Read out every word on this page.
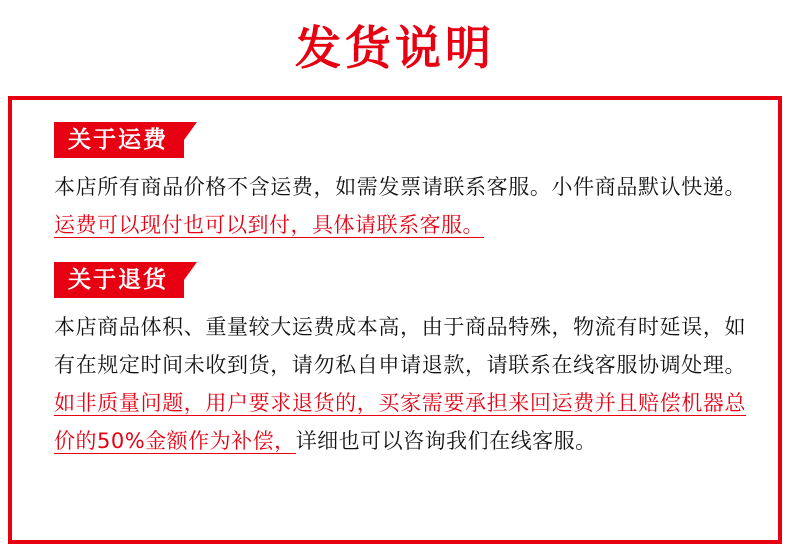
发货说明
关于运费

本店所有商品价格不含运费，如需发票请联系客服。小件商品默认快递。运费可以现付也可以到付，具体请联系客服。

关于退货

本店商品体积、重量较大运费成本高，由于商品特殊，物流有时延误，如有在规定时间未收到货，请勿私自申请退款，请联系在线客服协调处理。如非质量问题，用户要求退货的，买家需要承担来回运费并且赔偿机器总价的50%金额作为补偿，详细也可以咨询我们在线客服。
